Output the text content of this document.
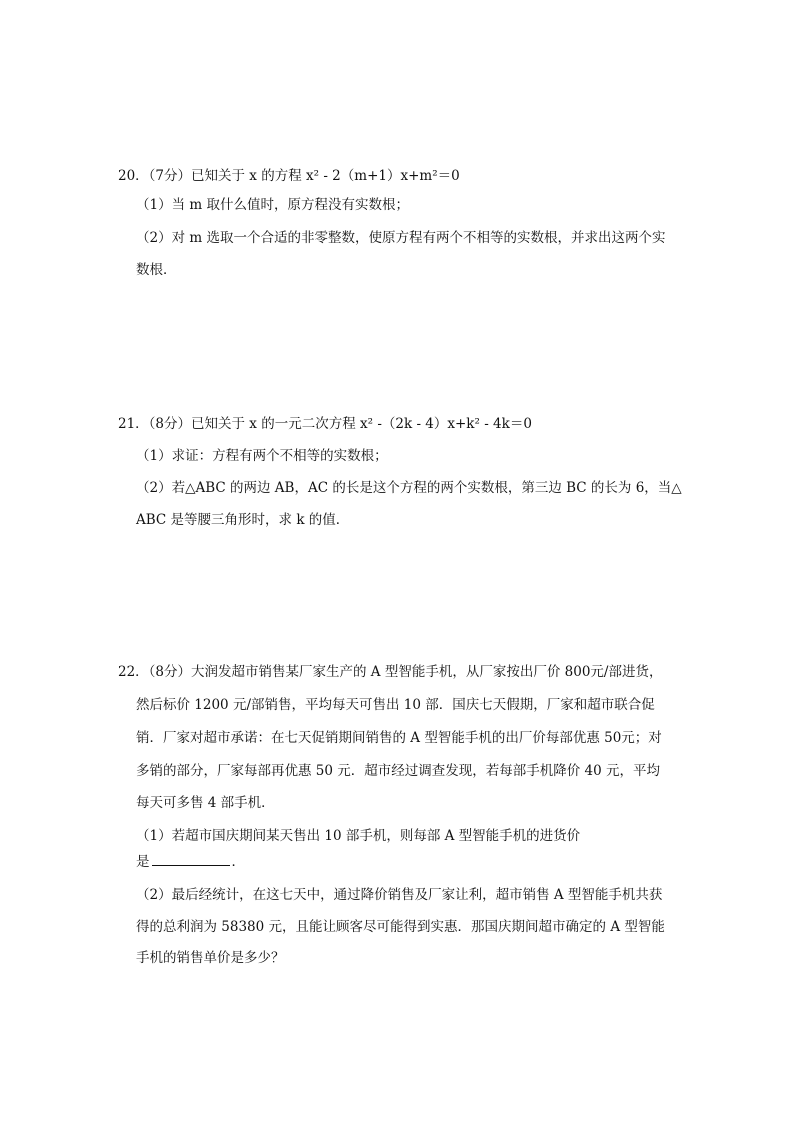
20．（7分）已知关于 x 的方程 x² - 2（m+1）x+m²＝0
（1）当 m 取什么值时，原方程没有实数根；
（2）对 m 选取一个合适的非零整数，使原方程有两个不相等的实数根，并求出这两个实
数根．
21．（8分）已知关于 x 的一元二次方程 x² -（2k - 4）x+k² - 4k＝0
（1）求证：方程有两个不相等的实数根；
（2）若△ABC 的两边 AB，AC 的长是这个方程的两个实数根，第三边 BC 的长为 6，当△
ABC 是等腰三角形时，求 k 的值．
22．（8分）大润发超市销售某厂家生产的 A 型智能手机，从厂家按出厂价 800元/部进货，
然后标价 1200 元/部销售，平均每天可售出 10 部．国庆七天假期，厂家和超市联合促
销．厂家对超市承诺：在七天促销期间销售的 A 型智能手机的出厂价每部优惠 50元；对
多销的部分，厂家每部再优惠 50 元．超市经过调查发现，若每部手机降价 40 元，平均
每天可多售 4 部手机．
（1）若超市国庆期间某天售出 10 部手机，则每部 A 型智能手机的进货价
是	．
（2）最后经统计，在这七天中，通过降价销售及厂家让利，超市销售 A 型智能手机共获
得的总利润为 58380 元，且能让顾客尽可能得到实惠．那国庆期间超市确定的 A 型智能
手机的销售单价是多少？
